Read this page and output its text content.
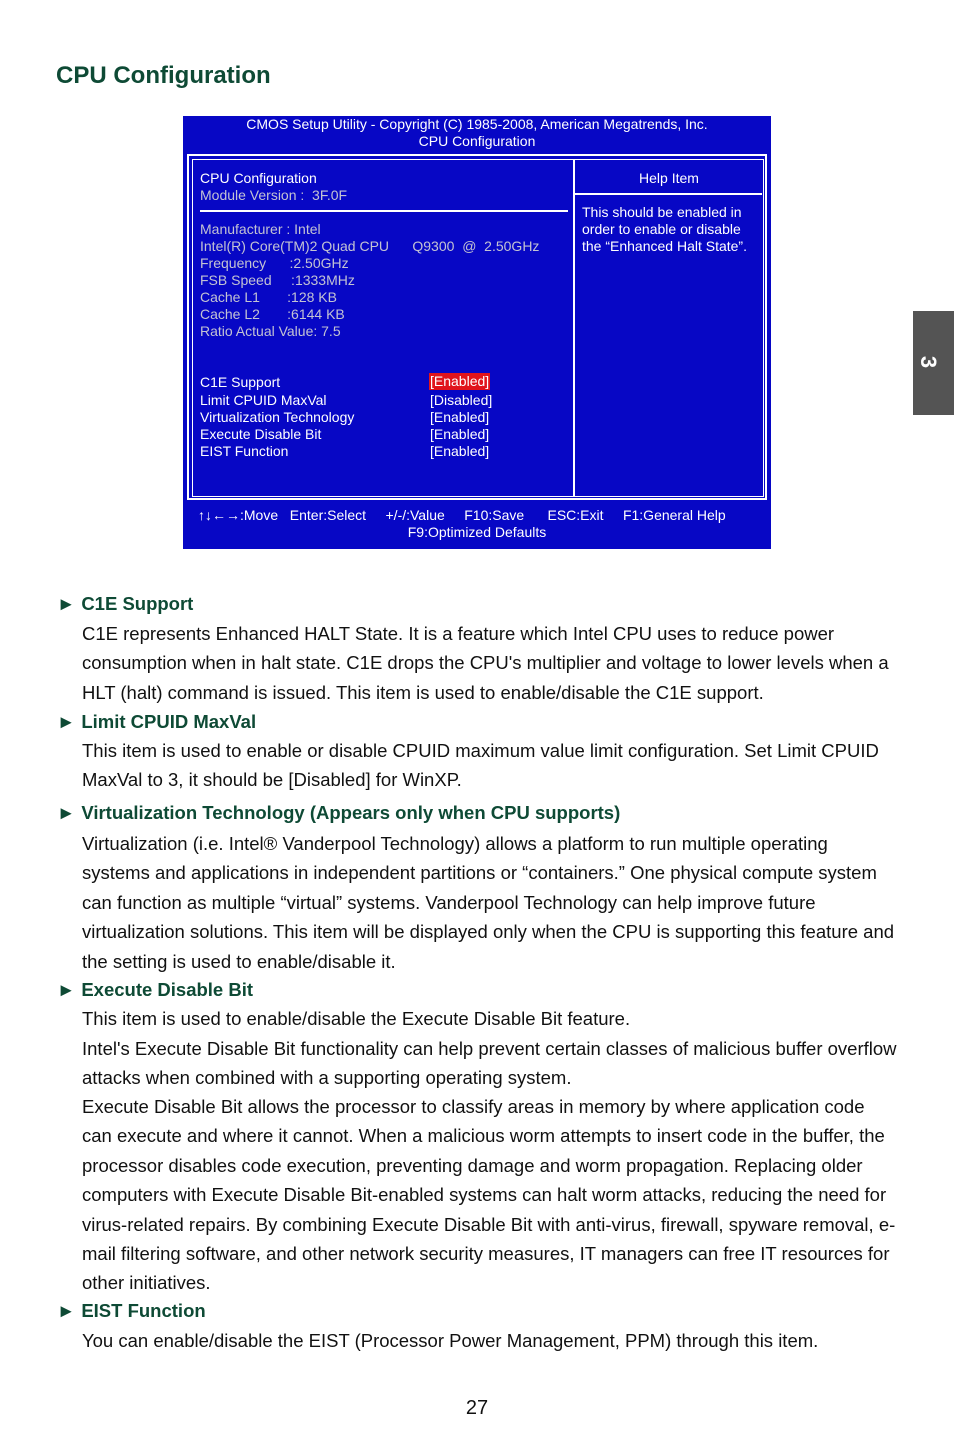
CPU Configuration
3
CMOS Setup Utility - Copyright (C) 1985-2008, American Megatrends, Inc.
CPU Configuration
CPU Configuration
Module Version :  3F.0F
Manufacturer : Intel
Intel(R) Core(TM)2 Quad CPU      Q9300  @  2.50GHz
Frequency      :2.50GHz
FSB Speed     :1333MHz
Cache L1       :128 KB
Cache L2       :6144 KB
Ratio Actual Value: 7.5
C1E Support	[Enabled]
Limit CPUID MaxVal	[Disabled]
Virtualization Technology	[Enabled]
Execute Disable Bit	[Enabled]
EIST Function	[Enabled]
Help Item
This should be enabled in order to enable or disable the “Enhanced Halt State”.
↑↓←→:Move   Enter:Select     +/-/:Value     F10:Save      ESC:Exit     F1:General Help
F9:Optimized Defaults
► C1E Support

C1E represents Enhanced HALT State. It is a feature which Intel CPU uses to reduce power consumption when in halt state. C1E drops the CPU's multiplier and voltage to lower levels when a HLT (halt) command is issued. This item is used to enable/disable the C1E support.

► Limit CPUID MaxVal

This item is used to enable or disable CPUID maximum value limit configuration. Set Limit CPUID MaxVal to 3, it should be [Disabled] for WinXP.

► Virtualization Technology (Appears only when CPU supports)

Virtualization (i.e. Intel® Vanderpool Technology) allows a platform to run multiple operating systems and applications in independent partitions or “containers.” One physical compute system can function as multiple “virtual” systems. Vanderpool Technology can help improve future virtualization solutions. This item will be displayed only when the CPU is supporting this feature and the setting is used to enable/disable it.

► Execute Disable Bit

This item is used to enable/disable the Execute Disable Bit feature.

Intel's Execute Disable Bit functionality can help prevent certain classes of malicious buffer overflow attacks when combined with a supporting operating system.

Execute Disable Bit allows the processor to classify areas in memory by where application code can execute and where it cannot. When a malicious worm attempts to insert code in the buffer, the processor disables code execution, preventing damage and worm propagation. Replacing older computers with Execute Disable Bit-enabled systems can halt worm attacks, reducing the need for virus-related repairs. By combining Execute Disable Bit with anti-virus, firewall, spyware removal, e-mail filtering software, and other network security measures, IT managers can free IT resources for other initiatives.

► EIST Function

You can enable/disable the EIST (Processor Power Management, PPM) through this item.

27
